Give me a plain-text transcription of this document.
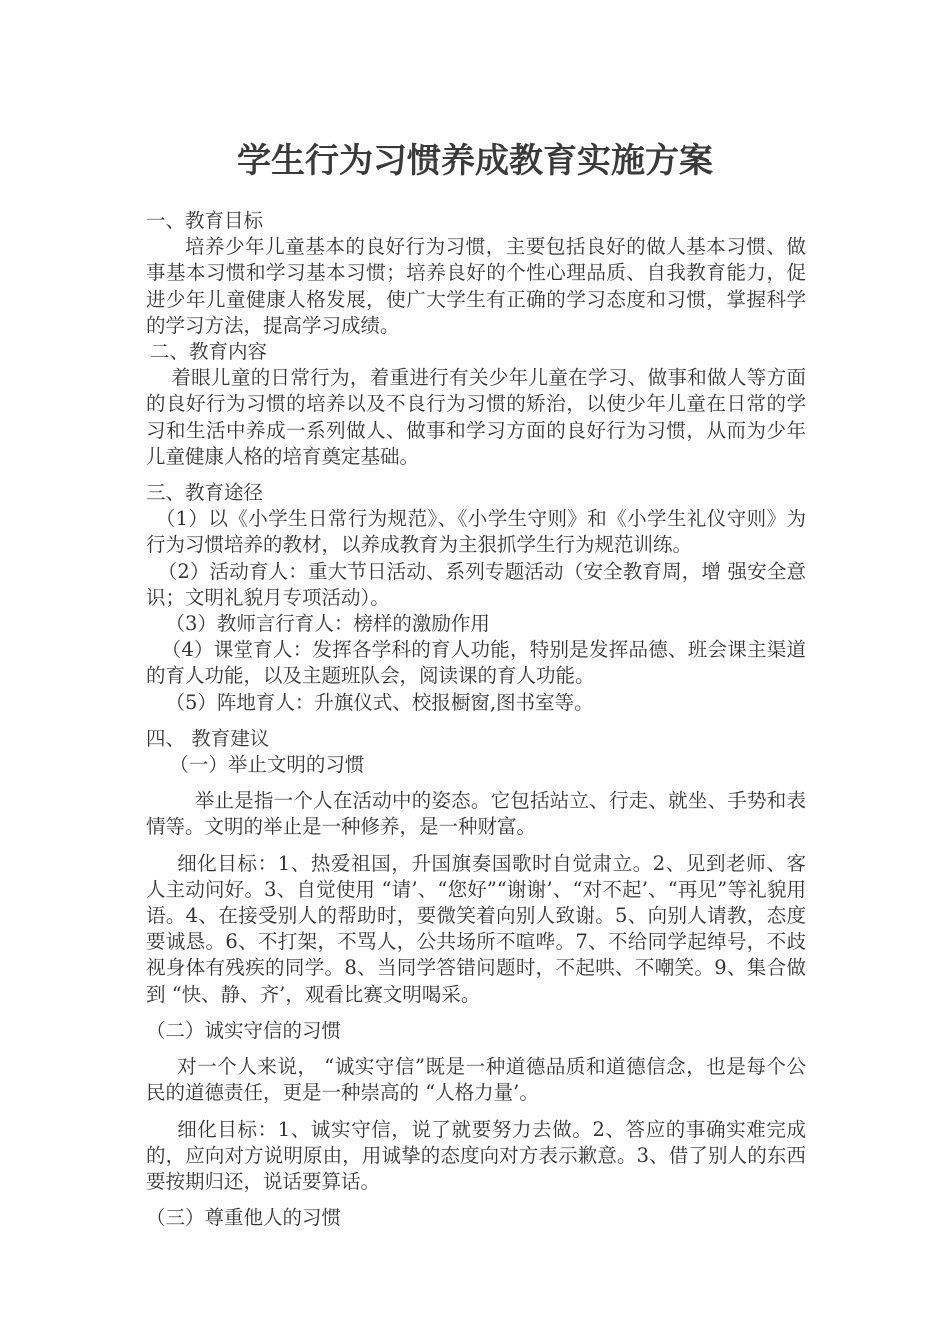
学生行为习惯养成教育实施方案

一、教育目标

培养少年儿童基本的良好行为习惯，主要包括良好的做人基本习惯、做事基本习惯和学习基本习惯；培养良好的个性心理品质、自我教育能力，促进少年儿童健康人格发展，使广大学生有正确的学习态度和习惯，掌握科学的学习方法，提高学习成绩。

二、教育内容

着眼儿童的日常行为，着重进行有关少年儿童在学习、做事和做人等方面的良好行为习惯的培养以及不良行为习惯的矫治，以使少年儿童在日常的学习和生活中养成一系列做人、做事和学习方面的良好行为习惯，从而为少年儿童健康人格的培育奠定基础。

三、教育途径

（1）以《小学生日常行为规范》、《小学生守则》和《小学生礼仪守则》为行为习惯培养的教材，以养成教育为主狠抓学生行为规范训练。

（2）活动育人：重大节日活动、系列专题活动（安全教育周，增 强安全意识；文明礼貌月专项活动）。

（3）教师言行育人：榜样的激励作用

（4）课堂育人：发挥各学科的育人功能，特别是发挥品德、班会课主渠道的育人功能，以及主题班队会，阅读课的育人功能。

（5）阵地育人：升旗仪式、校报橱窗,图书室等。

四、 教育建议

（一）举止文明的习惯

举止是指一个人在活动中的姿态。它包括站立、行走、就坐、手势和表情等。文明的举止是一种修养，是一种财富。

细化目标：1、热爱祖国，升国旗奏国歌时自觉肃立。2、见到老师、客人主动问好。3、自觉使用 “请’、“您好”“谢谢’、“对不起’、“再见”等礼貌用语。4、在接受别人的帮助时，要微笑着向别人致谢。5、向别人请教，态度要诚恳。6、不打架，不骂人，公共场所不喧哗。7、不给同学起绰号，不歧视身体有残疾的同学。8、当同学答错问题时，不起哄、不嘲笑。9、集合做到 “快、静、齐’，观看比赛文明喝采。

（二）诚实守信的习惯

对一个人来说， “诚实守信”既是一种道德品质和道德信念，也是每个公民的道德责任，更是一种崇高的 “人格力量’。

细化目标：1、诚实守信，说了就要努力去做。2、答应的事确实难完成的，应向对方说明原由，用诚挚的态度向对方表示歉意。3、借了别人的东西要按期归还，说话要算话。

（三）尊重他人的习惯
